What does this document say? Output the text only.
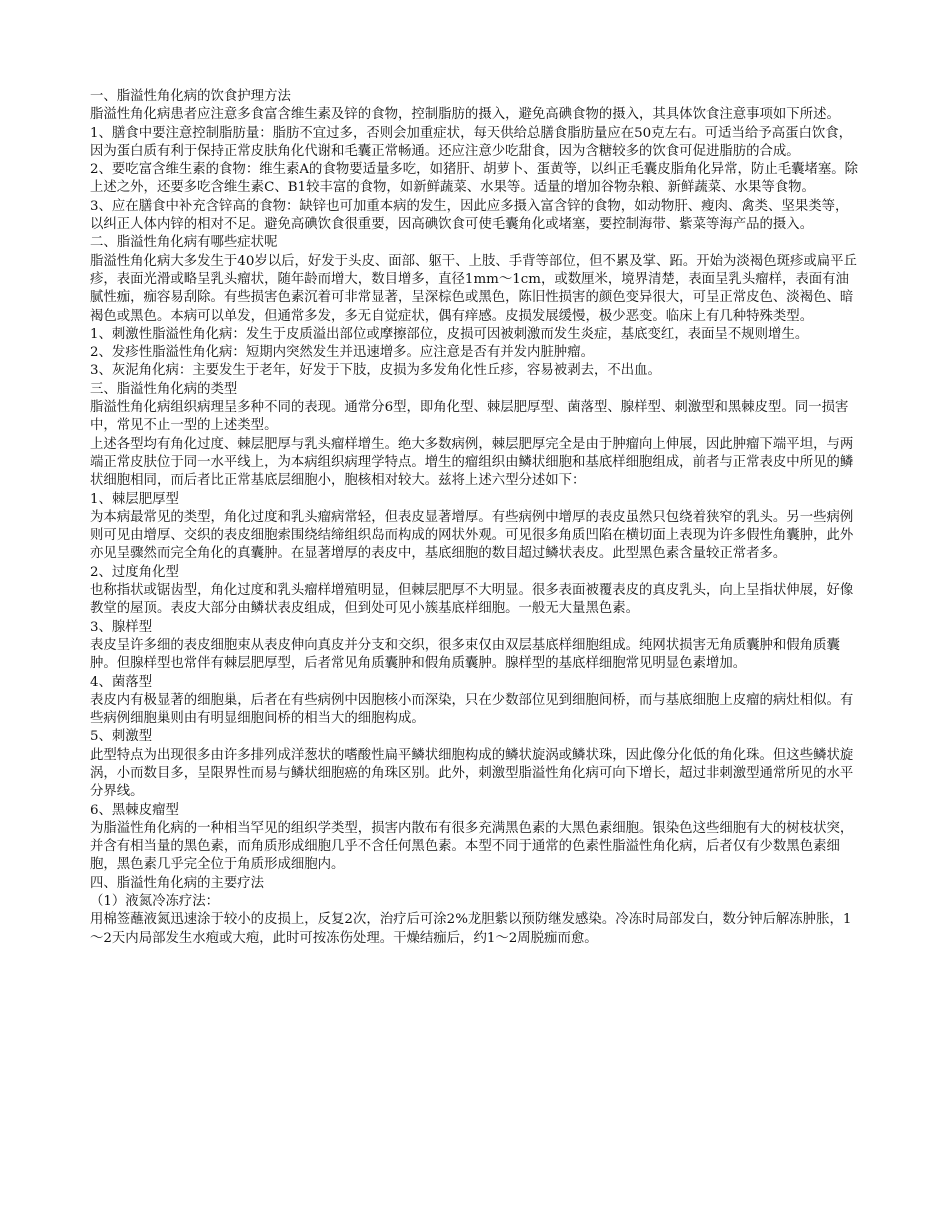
一、脂溢性角化病的饮食护理方法

脂溢性角化病患者应注意多食富含维生素及锌的食物，控制脂肪的摄入，避免高碘食物的摄入，其具体饮食注意事项如下所述。

1、膳食中要注意控制脂肪量：脂肪不宜过多，否则会加重症状，每天供给总膳食脂肪量应在50克左右。可适当给予高蛋白饮食，因为蛋白质有利于保持正常皮肤角化代谢和毛囊正常畅通。还应注意少吃甜食，因为含糖较多的饮食可促进脂肪的合成。

2、要吃富含维生素的食物：维生素A的食物要适量多吃，如猪肝、胡萝卜、蛋黄等，以纠正毛囊皮脂角化异常，防止毛囊堵塞。除上述之外，还要多吃含维生素C、B1较丰富的食物，如新鲜蔬菜、水果等。适量的增加谷物杂粮、新鲜蔬菜、水果等食物。

3、应在膳食中补充含锌高的食物：缺锌也可加重本病的发生，因此应多摄入富含锌的食物，如动物肝、瘦肉、禽类、坚果类等，以纠正人体内锌的相对不足。避免高碘饮食很重要，因高碘饮食可使毛囊角化或堵塞，要控制海带、紫菜等海产品的摄入。

二、脂溢性角化病有哪些症状呢

脂溢性角化病大多发生于40岁以后，好发于头皮、面部、躯干、上肢、手背等部位，但不累及掌、跖。开始为淡褐色斑疹或扁平丘疹，表面光滑或略呈乳头瘤状，随年龄而增大，数目增多，直径1mm～1cm，或数厘米，境界清楚，表面呈乳头瘤样，表面有油腻性痂，痂容易刮除。有些损害色素沉着可非常显著，呈深棕色或黑色，陈旧性损害的颜色变异很大，可呈正常皮色、淡褐色、暗褐色或黑色。本病可以单发，但通常多发，多无自觉症状，偶有痒感。皮损发展缓慢，极少恶变。临床上有几种特殊类型。

1、刺激性脂溢性角化病：发生于皮质溢出部位或摩擦部位，皮损可因被刺激而发生炎症，基底变红，表面呈不规则增生。

2、发疹性脂溢性角化病：短期内突然发生并迅速增多。应注意是否有并发内脏肿瘤。

3、灰泥角化病：主要发生于老年，好发于下肢，皮损为多发角化性丘疹，容易被剥去，不出血。

三、脂溢性角化病的类型

脂溢性角化病组织病理呈多种不同的表现。通常分6型，即角化型、棘层肥厚型、菌落型、腺样型、刺激型和黑棘皮型。同一损害中，常见不止一型的上述类型。

上述各型均有角化过度、棘层肥厚与乳头瘤样增生。绝大多数病例，棘层肥厚完全是由于肿瘤向上伸展，因此肿瘤下端平坦，与两端正常皮肤位于同一水平线上，为本病组织病理学特点。增生的瘤组织由鳞状细胞和基底样细胞组成，前者与正常表皮中所见的鳞状细胞相同，而后者比正常基底层细胞小，胞核相对较大。兹将上述六型分述如下：

1、棘层肥厚型

为本病最常见的类型，角化过度和乳头瘤病常轻，但表皮显著增厚。有些病例中增厚的表皮虽然只包绕着狭窄的乳头。另一些病例则可见由增厚、交织的表皮细胞索围绕结缔组织岛而构成的网状外观。可见很多角质凹陷在横切面上表现为许多假性角囊肿，此外亦见呈骤然而完全角化的真囊肿。在显著增厚的表皮中，基底细胞的数目超过鳞状表皮。此型黑色素含量较正常者多。

2、过度角化型

也称指状或锯齿型，角化过度和乳头瘤样增殖明显，但棘层肥厚不大明显。很多表面被覆表皮的真皮乳头，向上呈指状伸展，好像教堂的屋顶。表皮大部分由鳞状表皮组成，但到处可见小簇基底样细胞。一般无大量黑色素。

3、腺样型

表皮呈许多细的表皮细胞束从表皮伸向真皮并分支和交织，很多束仅由双层基底样细胞组成。纯网状损害无角质囊肿和假角质囊肿。但腺样型也常伴有棘层肥厚型，后者常见角质囊肿和假角质囊肿。腺样型的基底样细胞常见明显色素增加。

4、菌落型

表皮内有极显著的细胞巢，后者在有些病例中因胞核小而深染，只在少数部位见到细胞间桥，而与基底细胞上皮瘤的病灶相似。有些病例细胞巢则由有明显细胞间桥的相当大的细胞构成。

5、刺激型

此型特点为出现很多由许多排列成洋葱状的嗜酸性扁平鳞状细胞构成的鳞状旋涡或鳞状珠，因此像分化低的角化珠。但这些鳞状旋涡，小而数目多，呈限界性而易与鳞状细胞癌的角珠区别。此外，刺激型脂溢性角化病可向下增长，超过非刺激型通常所见的水平分界线。

6、黑棘皮瘤型

为脂溢性角化病的一种相当罕见的组织学类型，损害内散布有很多充满黑色素的大黑色素细胞。银染色这些细胞有大的树枝状突，并含有相当量的黑色素，而角质形成细胞几乎不含任何黑色素。本型不同于通常的色素性脂溢性角化病，后者仅有少数黑色素细胞，黑色素几乎完全位于角质形成细胞内。

四、脂溢性角化病的主要疗法

（1）液氮冷冻疗法：

用棉签蘸液氮迅速涂于较小的皮损上，反复2次，治疗后可涂2%龙胆紫以预防继发感染。冷冻时局部发白，数分钟后解冻肿胀，1～2天内局部发生水疱或大疱，此时可按冻伤处理。干燥结痂后，约1～2周脱痂而愈。
